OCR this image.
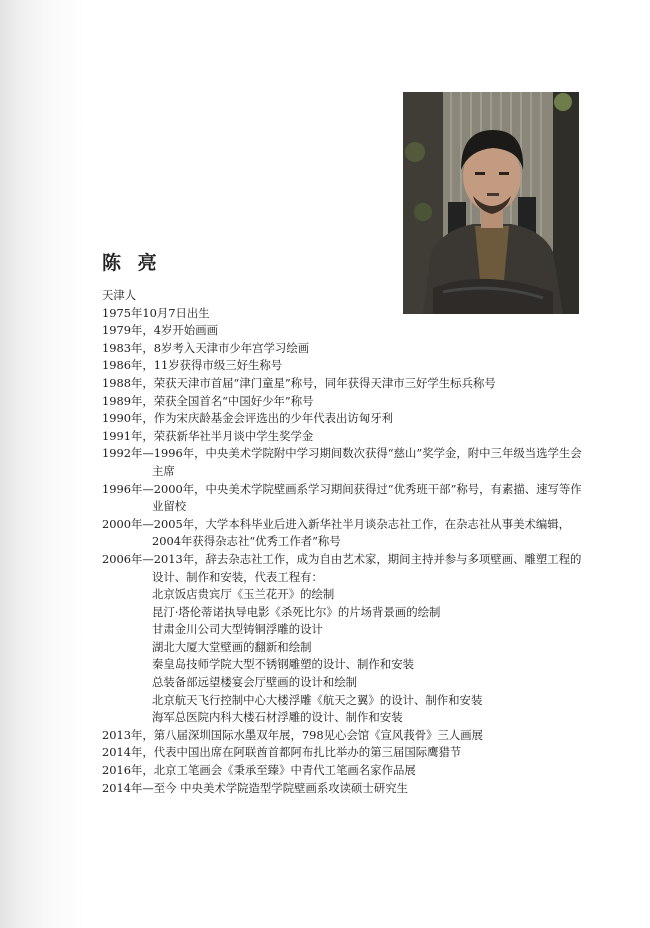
陈 亮
天津人
1975年10月7日出生
1979年，4岁开始画画
1983年，8岁考入天津市少年宫学习绘画
1986年，11岁获得市级三好生称号
1988年，荣获天津市首届“津门童星”称号，同年获得天津市三好学生标兵称号
1989年，荣获全国首名“中国好少年”称号
1990年，作为宋庆龄基金会评选出的少年代表出访匈牙利
1991年，荣获新华社半月谈中学生奖学金
1992年—1996年，中央美术学院附中学习期间数次获得“慈山”奖学金，附中三年级当选学生会主席
1996年—2000年，中央美术学院壁画系学习期间获得过“优秀班干部”称号，有素描、速写等作业留校
2000年—2005年，大学本科毕业后进入新华社半月谈杂志社工作，在杂志社从事美术编辑，2004年获得杂志社“优秀工作者”称号
2006年—2013年，辞去杂志社工作，成为自由艺术家，期间主持并参与多项壁画、雕塑工程的设计、制作和安装，代表工程有：
北京饭店贵宾厅《玉兰花开》的绘制
昆汀·塔伦蒂诺执导电影《杀死比尔》的片场背景画的绘制
甘肃金川公司大型铸铜浮雕的设计
湖北大厦大堂壁画的翻新和绘制
秦皇岛技师学院大型不锈钢雕塑的设计、制作和安装
总装备部远望楼宴会厅壁画的设计和绘制
北京航天飞行控制中心大楼浮雕《航天之翼》的设计、制作和安装
海军总医院内科大楼石材浮雕的设计、制作和安装
2013年，第八届深圳国际水墨双年展，798见心会馆《宣风莪骨》三人画展
2014年，代表中国出席在阿联酋首都阿布扎比举办的第三届国际鹰猎节
2016年，北京工笔画会《秉承至臻》中青代工笔画名家作品展
2014年—至今 中央美术学院造型学院壁画系攻读硕士研究生
